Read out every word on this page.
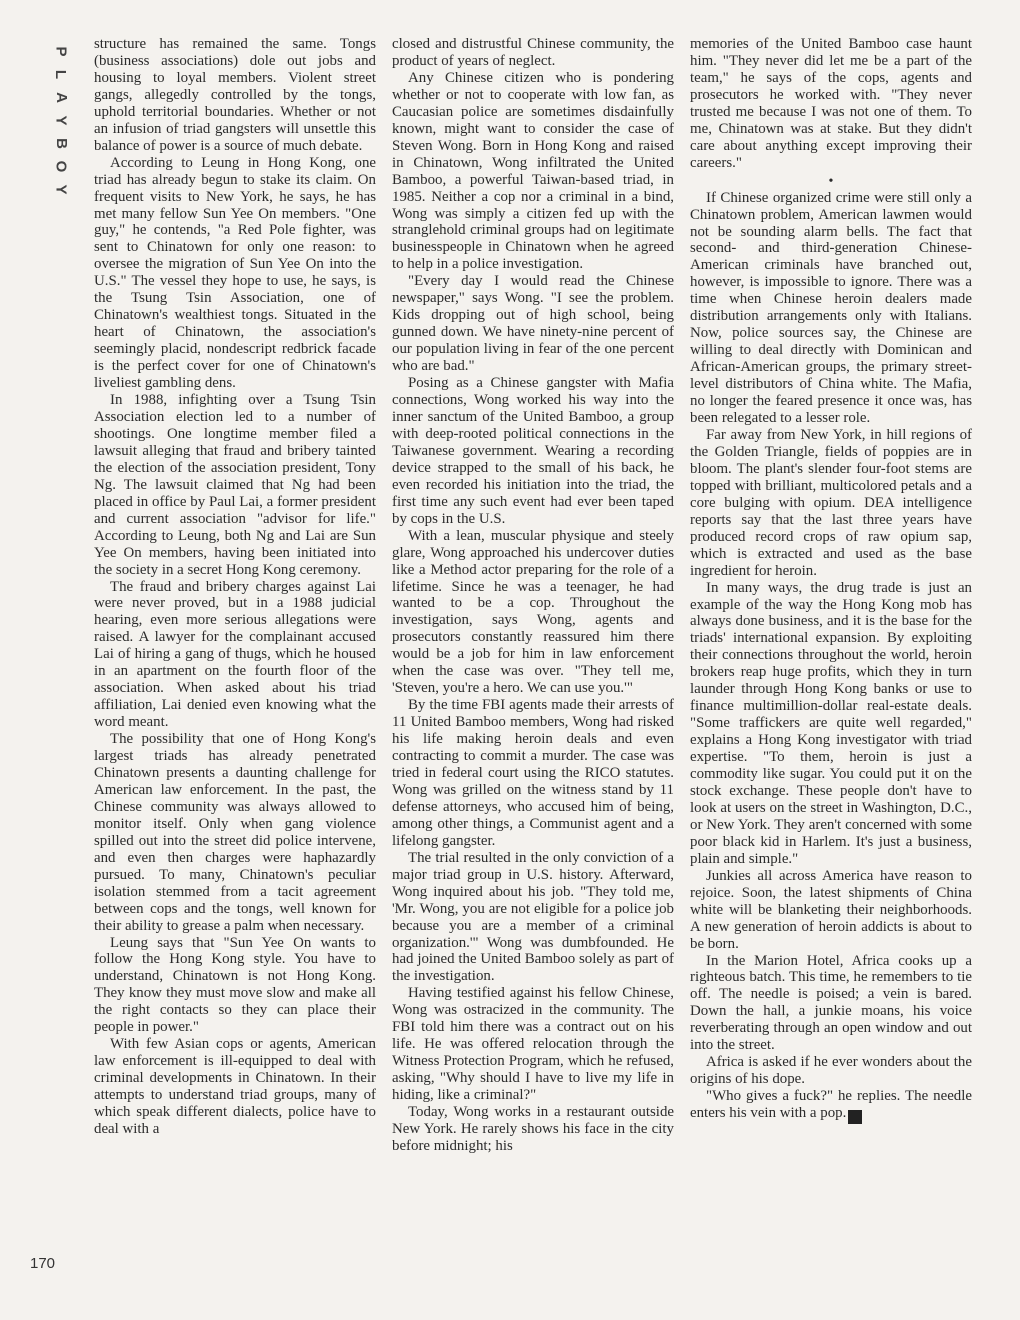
P
L
A
Y
B
O
Y
170

structure has remained the same. Tongs (business associations) dole out jobs and housing to loyal members. Violent street gangs, allegedly controlled by the tongs, uphold territorial boundaries. Whether or not an infusion of triad gangsters will unsettle this balance of power is a source of much debate.

According to Leung in Hong Kong, one triad has already begun to stake its claim. On frequent visits to New York, he says, he has met many fellow Sun Yee On members. "One guy," he contends, "a Red Pole fighter, was sent to Chinatown for only one reason: to oversee the migration of Sun Yee On into the U.S." The vessel they hope to use, he says, is the Tsung Tsin Association, one of Chinatown's wealthiest tongs. Situated in the heart of Chinatown, the association's seemingly placid, nondescript redbrick facade is the perfect cover for one of Chinatown's liveliest gambling dens.

In 1988, infighting over a Tsung Tsin Association election led to a number of shootings. One longtime member filed a lawsuit alleging that fraud and bribery tainted the election of the association president, Tony Ng. The lawsuit claimed that Ng had been placed in office by Paul Lai, a former president and current association "advisor for life." According to Leung, both Ng and Lai are Sun Yee On members, having been initiated into the society in a secret Hong Kong ceremony.

The fraud and bribery charges against Lai were never proved, but in a 1988 judicial hearing, even more serious allegations were raised. A lawyer for the complainant accused Lai of hiring a gang of thugs, which he housed in an apartment on the fourth floor of the association. When asked about his triad affiliation, Lai denied even knowing what the word meant.

The possibility that one of Hong Kong's largest triads has already penetrated Chinatown presents a daunting challenge for American law enforcement. In the past, the Chinese community was always allowed to monitor itself. Only when gang violence spilled out into the street did police intervene, and even then charges were haphazardly pursued. To many, Chinatown's peculiar isolation stemmed from a tacit agreement between cops and the tongs, well known for their ability to grease a palm when necessary.

Leung says that "Sun Yee On wants to follow the Hong Kong style. You have to understand, Chinatown is not Hong Kong. They know they must move slow and make all the right contacts so they can place their people in power."

With few Asian cops or agents, American law enforcement is ill-equipped to deal with criminal developments in Chinatown. In their attempts to understand triad groups, many of which speak different dialects, police have to deal with a

closed and distrustful Chinese community, the product of years of neglect.

Any Chinese citizen who is pondering whether or not to cooperate with low fan, as Caucasian police are sometimes disdainfully known, might want to consider the case of Steven Wong. Born in Hong Kong and raised in Chinatown, Wong infiltrated the United Bamboo, a powerful Taiwan-based triad, in 1985. Neither a cop nor a criminal in a bind, Wong was simply a citizen fed up with the stranglehold criminal groups had on legitimate businesspeople in Chinatown when he agreed to help in a police investigation.

"Every day I would read the Chinese newspaper," says Wong. "I see the problem. Kids dropping out of high school, being gunned down. We have ninety-nine percent of our population living in fear of the one percent who are bad."

Posing as a Chinese gangster with Mafia connections, Wong worked his way into the inner sanctum of the United Bamboo, a group with deep-rooted political connections in the Taiwanese government. Wearing a recording device strapped to the small of his back, he even recorded his initiation into the triad, the first time any such event had ever been taped by cops in the U.S.

With a lean, muscular physique and steely glare, Wong approached his undercover duties like a Method actor preparing for the role of a lifetime. Since he was a teenager, he had wanted to be a cop. Throughout the investigation, says Wong, agents and prosecutors constantly reassured him there would be a job for him in law enforcement when the case was over. "They tell me, 'Steven, you're a hero. We can use you.'"

By the time FBI agents made their arrests of 11 United Bamboo members, Wong had risked his life making heroin deals and even contracting to commit a murder. The case was tried in federal court using the RICO statutes. Wong was grilled on the witness stand by 11 defense attorneys, who accused him of being, among other things, a Communist agent and a lifelong gangster.

The trial resulted in the only conviction of a major triad group in U.S. history. Afterward, Wong inquired about his job. "They told me, 'Mr. Wong, you are not eligible for a police job because you are a member of a criminal organization.'" Wong was dumbfounded. He had joined the United Bamboo solely as part of the investigation.

Having testified against his fellow Chinese, Wong was ostracized in the community. The FBI told him there was a contract out on his life. He was offered relocation through the Witness Protection Program, which he refused, asking, "Why should I have to live my life in hiding, like a criminal?"

Today, Wong works in a restaurant outside New York. He rarely shows his face in the city before midnight; his

memories of the United Bamboo case haunt him. "They never did let me be a part of the team," he says of the cops, agents and prosecutors he worked with. "They never trusted me because I was not one of them. To me, Chinatown was at stake. But they didn't care about anything except improving their careers."

•

If Chinese organized crime were still only a Chinatown problem, American lawmen would not be sounding alarm bells. The fact that second- and third-generation Chinese-American criminals have branched out, however, is impossible to ignore. There was a time when Chinese heroin dealers made distribution arrangements only with Italians. Now, police sources say, the Chinese are willing to deal directly with Dominican and African-American groups, the primary street-level distributors of China white. The Mafia, no longer the feared presence it once was, has been relegated to a lesser role.

Far away from New York, in hill regions of the Golden Triangle, fields of poppies are in bloom. The plant's slender four-foot stems are topped with brilliant, multicolored petals and a core bulging with opium. DEA intelligence reports say that the last three years have produced record crops of raw opium sap, which is extracted and used as the base ingredient for heroin.

In many ways, the drug trade is just an example of the way the Hong Kong mob has always done business, and it is the base for the triads' international expansion. By exploiting their connections throughout the world, heroin brokers reap huge profits, which they in turn launder through Hong Kong banks or use to finance multimillion-dollar real-estate deals. "Some traffickers are quite well regarded," explains a Hong Kong investigator with triad expertise. "To them, heroin is just a commodity like sugar. You could put it on the stock exchange. These people don't have to look at users on the street in Washington, D.C., or New York. They aren't concerned with some poor black kid in Harlem. It's just a business, plain and simple."

Junkies all across America have reason to rejoice. Soon, the latest shipments of China white will be blanketing their neighborhoods. A new generation of heroin addicts is about to be born.

In the Marion Hotel, Africa cooks up a righteous batch. This time, he remembers to tie off. The needle is poised; a vein is bared. Down the hall, a junkie moans, his voice reverberating through an open window and out into the street.

Africa is asked if he ever wonders about the origins of his dope.

"Who gives a fuck?" he replies. The needle enters his vein with a pop. ◆
